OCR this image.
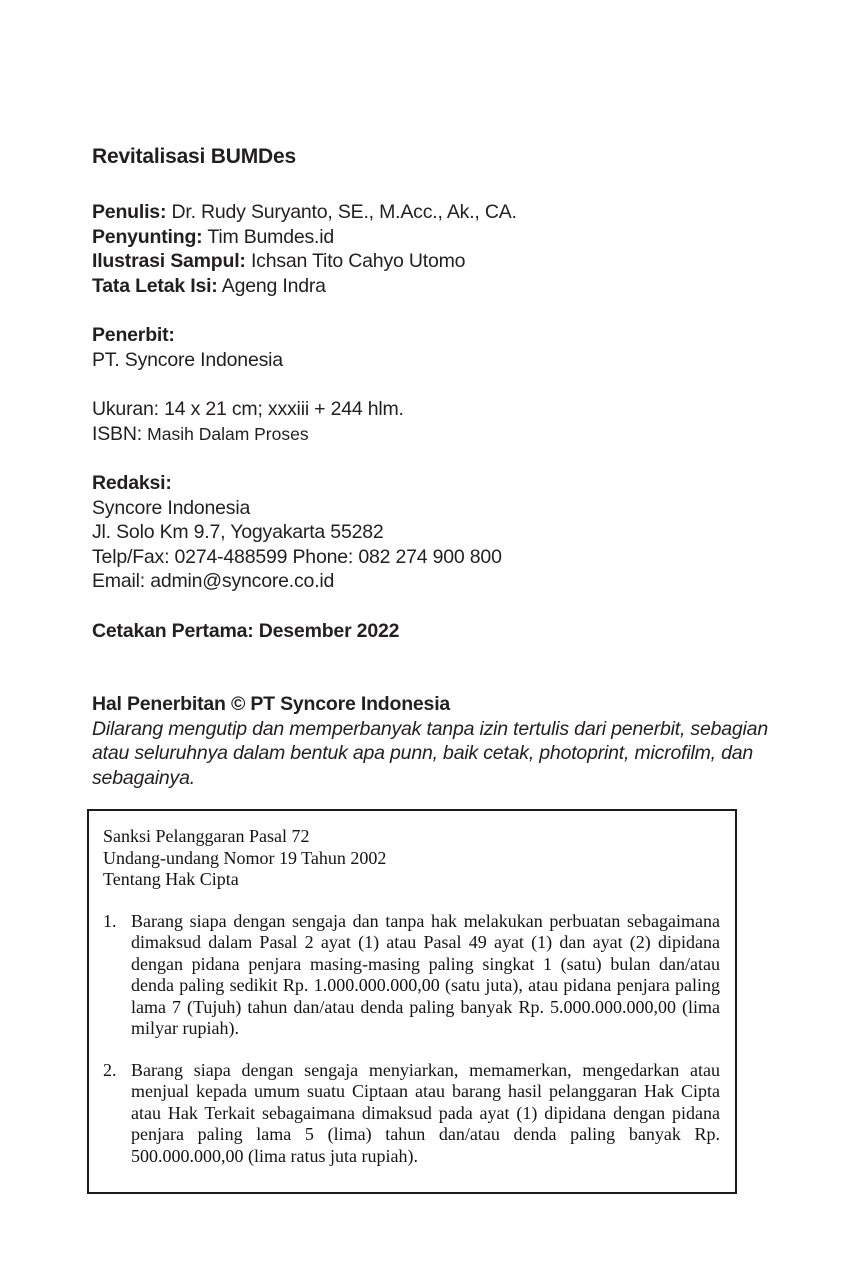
Revitalisasi BUMDes
Penulis: Dr. Rudy Suryanto, SE., M.Acc., Ak., CA.
Penyunting: Tim Bumdes.id
Ilustrasi Sampul: Ichsan Tito Cahyo Utomo
Tata Letak Isi: Ageng Indra
Penerbit:
PT. Syncore Indonesia
Ukuran: 14 x 21 cm; xxxiii + 244 hlm.
ISBN: Masih Dalam Proses
Redaksi:
Syncore Indonesia
Jl. Solo Km 9.7, Yogyakarta 55282
Telp/Fax: 0274-488599 Phone: 082 274 900 800
Email: admin@syncore.co.id
Cetakan Pertama: Desember 2022
Hal Penerbitan © PT Syncore Indonesia
Dilarang mengutip dan memperbanyak tanpa izin tertulis dari penerbit, sebagian atau seluruhnya dalam bentuk apa punn, baik cetak, photoprint, microfilm, dan sebagainya.
Sanksi Pelanggaran Pasal 72
Undang-undang Nomor 19 Tahun 2002
Tentang Hak Cipta
1. Barang siapa dengan sengaja dan tanpa hak melakukan perbuatan sebagaimana dimaksud dalam Pasal 2 ayat (1) atau Pasal 49 ayat (1) dan ayat (2) dipidana dengan pidana penjara masing-masing paling singkat 1 (satu) bulan dan/atau denda paling sedikit Rp. 1.000.000.000,00 (satu juta), atau pidana penjara paling lama 7 (Tujuh) tahun dan/atau denda paling banyak Rp. 5.000.000.000,00 (lima milyar rupiah).
2. Barang siapa dengan sengaja menyiarkan, memamerkan, mengedarkan atau menjual kepada umum suatu Ciptaan atau barang hasil pelanggaran Hak Cipta atau Hak Terkait sebagaimana dimaksud pada ayat (1) dipidana dengan pidana penjara paling lama 5 (lima) tahun dan/atau denda paling banyak Rp. 500.000.000,00 (lima ratus juta rupiah).
